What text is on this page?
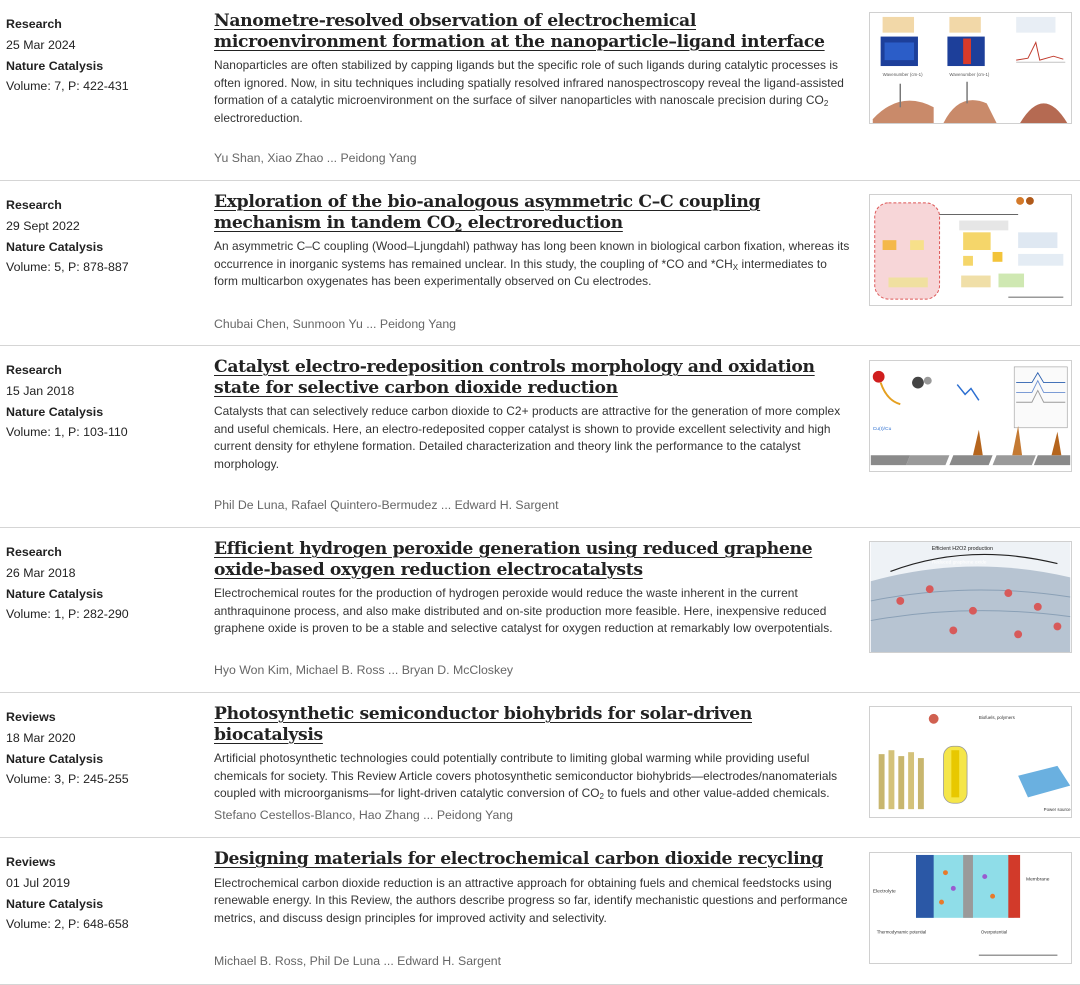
Research
25 Mar 2024
Nature Catalysis
Volume: 7, P: 422-431
Nanometre-resolved observation of electrochemical microenvironment formation at the nanoparticle–ligand interface
Nanoparticles are often stabilized by capping ligands but the specific role of such ligands during catalytic processes is often ignored. Now, in situ techniques including spatially resolved infrared nanospectroscopy reveal the ligand-assisted formation of a catalytic microenvironment on the surface of silver nanoparticles with nanoscale precision during $CO_2$ electroreduction.
Yu Shan, Xiao Zhao ... Peidong Yang
Wavenumber (cm-1)	Wavenumber (cm-1)
Research
29 Sept 2022
Nature Catalysis
Volume: 5, P: 878-887
Exploration of the bio-analogous asymmetric C–C coupling mechanism in tandem $CO_2$ electroreduction
An asymmetric C–C coupling (Wood–Ljungdahl) pathway has long been known in biological carbon fixation, whereas its occurrence in inorganic systems has remained unclear. In this study, the coupling of *CO and $*CH_X$ intermediates to form multicarbon oxygenates has been experimentally observed on Cu electrodes.
Chubai Chen, Sunmoon Yu ... Peidong Yang
Research
15 Jan 2018
Nature Catalysis
Volume: 1, P: 103-110
Catalyst electro-redeposition controls morphology and oxidation state for selective carbon dioxide reduction
Catalysts that can selectively reduce carbon dioxide to C2+ products are attractive for the generation of more complex and useful chemicals. Here, an electro-redeposited copper catalyst is shown to provide excellent selectivity and high current density for ethylene formation. Detailed characterization and theory link the performance to the catalyst morphology.
Phil De Luna, Rafael Quintero-Bermudez ... Edward H. Sargent
Cu(I)/Cu
Research
26 Mar 2018
Nature Catalysis
Volume: 1, P: 282-290
Efficient hydrogen peroxide generation using reduced graphene oxide-based oxygen reduction electrocatalysts
Electrochemical routes for the production of hydrogen peroxide would reduce the waste inherent in the current anthraquinone process, and also make distributed and on-site production more feasible. Here, inexpensive reduced graphene oxide is proven to be a stable and selective catalyst for oxygen reduction at remarkably low overpotentials.
Hyo Won Kim, Michael B. Ross ... Bryan D. McCloskey
Efficient H2O2 production
Reduced graphene oxide
Reviews
18 Mar 2020
Nature Catalysis
Volume: 3, P: 245-255
Photosynthetic semiconductor biohybrids for solar-driven biocatalysis
Artificial photosynthetic technologies could potentially contribute to limiting global warming while providing useful chemicals for society. This Review Article covers photosynthetic semiconductor biohybrids—electrodes/nanomaterials coupled with microorganisms—for light-driven catalytic conversion of $CO_2$ to fuels and other value-added chemicals.
Stefano Cestellos-Blanco, Hao Zhang ... Peidong Yang
Biofuels, polymers
Power source
Reviews
01 Jul 2019
Nature Catalysis
Volume: 2, P: 648-658
Designing materials for electrochemical carbon dioxide recycling
Electrochemical carbon dioxide reduction is an attractive approach for obtaining fuels and chemical feedstocks using renewable energy. In this Review, the authors describe progress so far, identify mechanistic questions and performance metrics, and discuss design principles for improved activity and selectivity.
Michael B. Ross, Phil De Luna ... Edward H. Sargent
Electrolyte
Membrane
Thermodynamic potential	Overpotential
